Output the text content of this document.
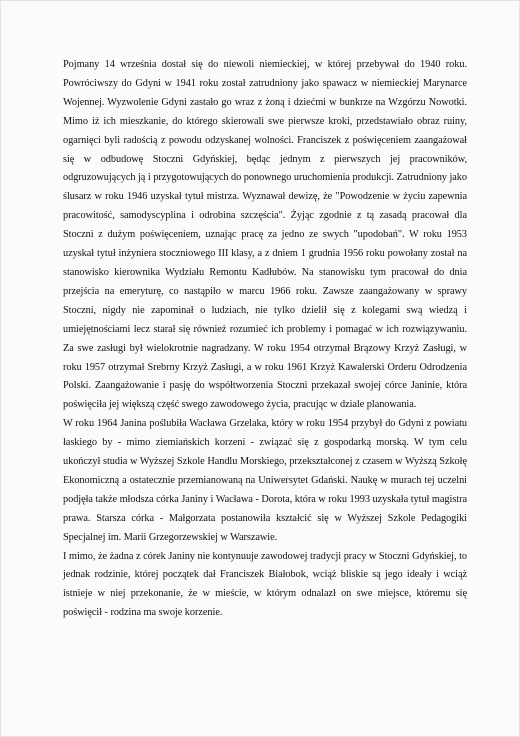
Pojmany 14 września dostał się do niewoli niemieckiej, w której przebywał do 1940 roku. Powróciwszy do Gdyni w 1941 roku został zatrudniony jako spawacz w niemieckiej Marynarce Wojennej. Wyzwolenie Gdyni zastało go wraz z żoną i dziećmi w bunkrze na Wzgórzu Nowotki. Mimo iż ich mieszkanie, do którego skierowali swe pierwsze kroki, przedstawiało obraz ruiny, ogarnięci byli radością z powodu odzyskanej wolności. Franciszek z poświęceniem zaangażował się w odbudowę Stoczni Gdyńskiej, będąc jednym z pierwszych jej pracowników, odgruzowujących ją i przygotowujących do ponownego uruchomienia produkcji. Zatrudniony jako ślusarz w roku 1946 uzyskał tytuł mistrza. Wyznawał dewizę, że "Powodzenie w życiu zapewnia pracowitość, samodyscyplina i odrobina szczęścia". Żyjąc zgodnie z tą zasadą pracował dla Stoczni z dużym poświęceniem, uznając pracę za jedno ze swych "upodobań". W roku 1953 uzyskał tytuł inżyniera stoczniowego III klasy, a z dniem 1 grudnia 1956 roku powołany został na stanowisko kierownika Wydziału Remontu Kadłubów. Na stanowisku tym pracował do dnia przejścia na emeryturę, co nastąpiło w marcu 1966 roku. Zawsze zaangażowany w sprawy Stoczni, nigdy nie zapominał o ludziach, nie tylko dzielił się z kolegami swą wiedzą i umiejętnościami lecz starał się również rozumieć ich problemy i pomagać w ich rozwiązywaniu. Za swe zasługi był wielokrotnie nagradzany. W roku 1954 otrzymał Brązowy Krzyż Zasługi, w roku 1957 otrzymał Srebrny Krzyż Zasługi, a w roku 1961 Krzyż Kawalerski Orderu Odrodzenia Polski. Zaangażowanie i pasję do współtworzenia Stoczni przekazał swojej córce Janinie, która poświęciła jej większą część swego zawodowego życia, pracując w dziale planowania.

W roku 1964 Janina poślubiła Wacława Grzelaka, który w roku 1954 przybył do Gdyni z powiatu łaskiego by - mimo ziemiańskich korzeni - związać się z gospodarką morską. W tym celu ukończył studia w Wyższej Szkole Handlu Morskiego, przekształconej z czasem w Wyższą Szkołę Ekonomiczną a ostatecznie przemianowaną na Uniwersytet Gdański. Naukę w murach tej uczelni podjęła także młodsza córka Janiny i Wacława - Dorota, która w roku 1993 uzyskała tytuł magistra prawa. Starsza córka - Małgorzata postanowiła kształcić się w Wyższej Szkole Pedagogiki Specjalnej im. Marii Grzegorzewskiej w Warszawie.

I mimo, że żadna z córek Janiny nie kontynuuje zawodowej tradycji pracy w Stoczni Gdyńskiej, to jednak rodzinie, której początek dał Franciszek Białobok, wciąż bliskie są jego ideały i wciąż istnieje w niej przekonanie, że w mieście, w którym odnalazł on swe miejsce, któremu się poświęcił - rodzina ma swoje korzenie.
